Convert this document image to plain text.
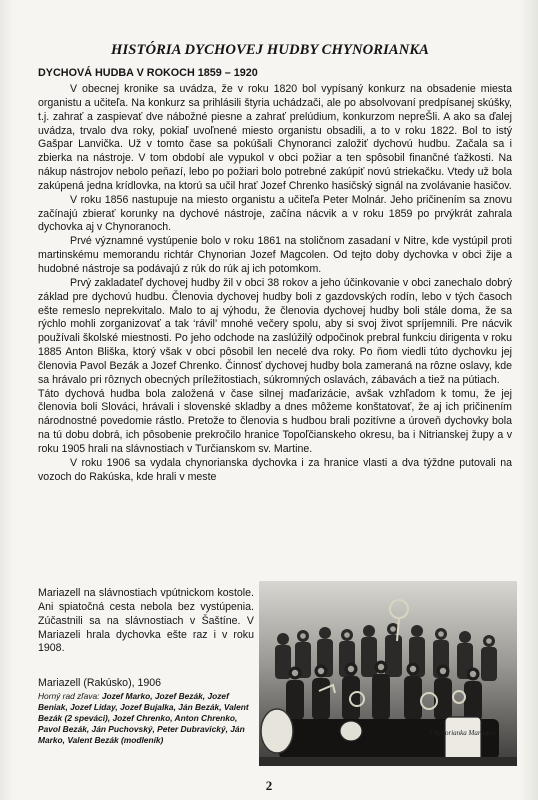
HISTÓRIA DYCHOVEJ HUDBY CHYNORIANKA
DYCHOVÁ HUDBA V ROKOCH 1859 – 1920

V obecnej kronike sa uvádza, že v roku 1820 bol vypísaný konkurz na obsadenie miesta organistu a učiteľa. Na konkurz sa prihlásili štyria uchádzači, ale po absolvovaní predpísanej skúšky, t.j. zahrať a zaspievať dve nábožné piesne a zahrať prelúdium, konkurzom nepreŠli. A ako sa ďalej uvádza, trvalo dva roky, pokiaľ uvoľnené miesto organistu obsadili, a to v roku 1822. Bol to istý Gašpar Lanvička. Už v tomto čase sa pokúšali Chynoranci založiť dychovú hudbu. Začala sa i zbierka na nástroje. V tom období ale vypukol v obci požiar a ten spôsobil finančné ťažkosti. Na nákup nástrojov nebolo peňazí, lebo po požiari bolo potrebné zakúpiť novú striekačku. Vtedy už bola zakúpená jedna krídlovka, na ktorú sa učil hrať Jozef Chrenko hasičský signál na zvolávanie hasičov.

V roku 1856 nastupuje na miesto organistu a učiteľa Peter Molnár. Jeho pričinením sa znovu začínajú zbierať korunky na dychové nástroje, začína nácvik a v roku 1859 po prvýkrát zahrala dychovka aj v Chynoranoch.

Prvé významné vystúpenie bolo v roku 1861 na stoličnom zasadaní v Nitre, kde vystúpil proti martinskému memorandu richtár Chynorian Jozef Magcolen. Od tejto doby dychovka v obci žije a hudobné nástroje sa podávajú z rúk do rúk aj ich potomkom.

Prvý zakladateľ dychovej hudby žil v obci 38 rokov a jeho účinkovanie v obci zanechalo dobrý základ pre dychovú hudbu. Členovia dychovej hudby boli z gazdovských rodín, lebo v tých časoch ešte remeslo neprekvitalo. Malo to aj výhodu, že členovia dychovej hudby boli stále doma, že sa rýchlo mohli zorganizovať a tak ‘rávil’ mnohé večery spolu, aby si svoj život spríjemnili. Pre nácvik používali školské miestnosti. Po jeho odchode na zaslúžilý odpočinok prebral funkciu dirigenta v roku 1885 Anton Bliška, ktorý však v obci pôsobil len necelé dva roky. Po ňom viedli túto dychovku jej členovia Pavol Bezák a Jozef Chrenko. Činnosť dychovej hudby bola zameraná na rôzne oslavy, kde sa hrávalo pri rôznych obecných príležitostiach, súkromných oslavách, zábavách a tiež na pútiach.

Táto dychová hudba bola založená v čase silnej maďarizácie, avšak vzhľadom k tomu, že jej členovia boli Slováci, hrávali i slovenské skladby a dnes môžeme konštatovať, že aj ich pričinením národnostné povedomie rástlo. Pretože to členovia s hudbou brali pozitívne a úroveň dychovky bola na tú dobu dobrá, ich pôsobenie prekročilo hranice Topoľčianskeho okresu, ba i Nitrianskej župy a v roku 1905 hrali na slávnostiach v Turčianskom sv. Martine.

V roku 1906 sa vydala chynorianska dychovka i za hranice vlasti a dva týždne putovali na vozoch do Rakúska, kde hrali v meste

Mariazell na slávnostiach vpútnickom kostole. Ani spiatočná cesta nebola bez vystúpenia. Zúčastnili sa na slávnostiach v Šaštíne. V Mariazeli hrala dychovka ešte raz i v roku 1908.

Mariazell (Rakúsko), 1906
Horný rad zľava: Jozef Marko, Jozef Bezák, Jozef Beniak, Jozef Liday, Jozef Bujalka, Ján Bezák, Valent Bezák (2 speváci), Jozef Chrenko, Anton Chrenko, Pavol Bezák, Ján Puchovský, Peter Dubravický, Ján Marko, Valent Bezák (modleník)
Chynorianka Mariazell
2
